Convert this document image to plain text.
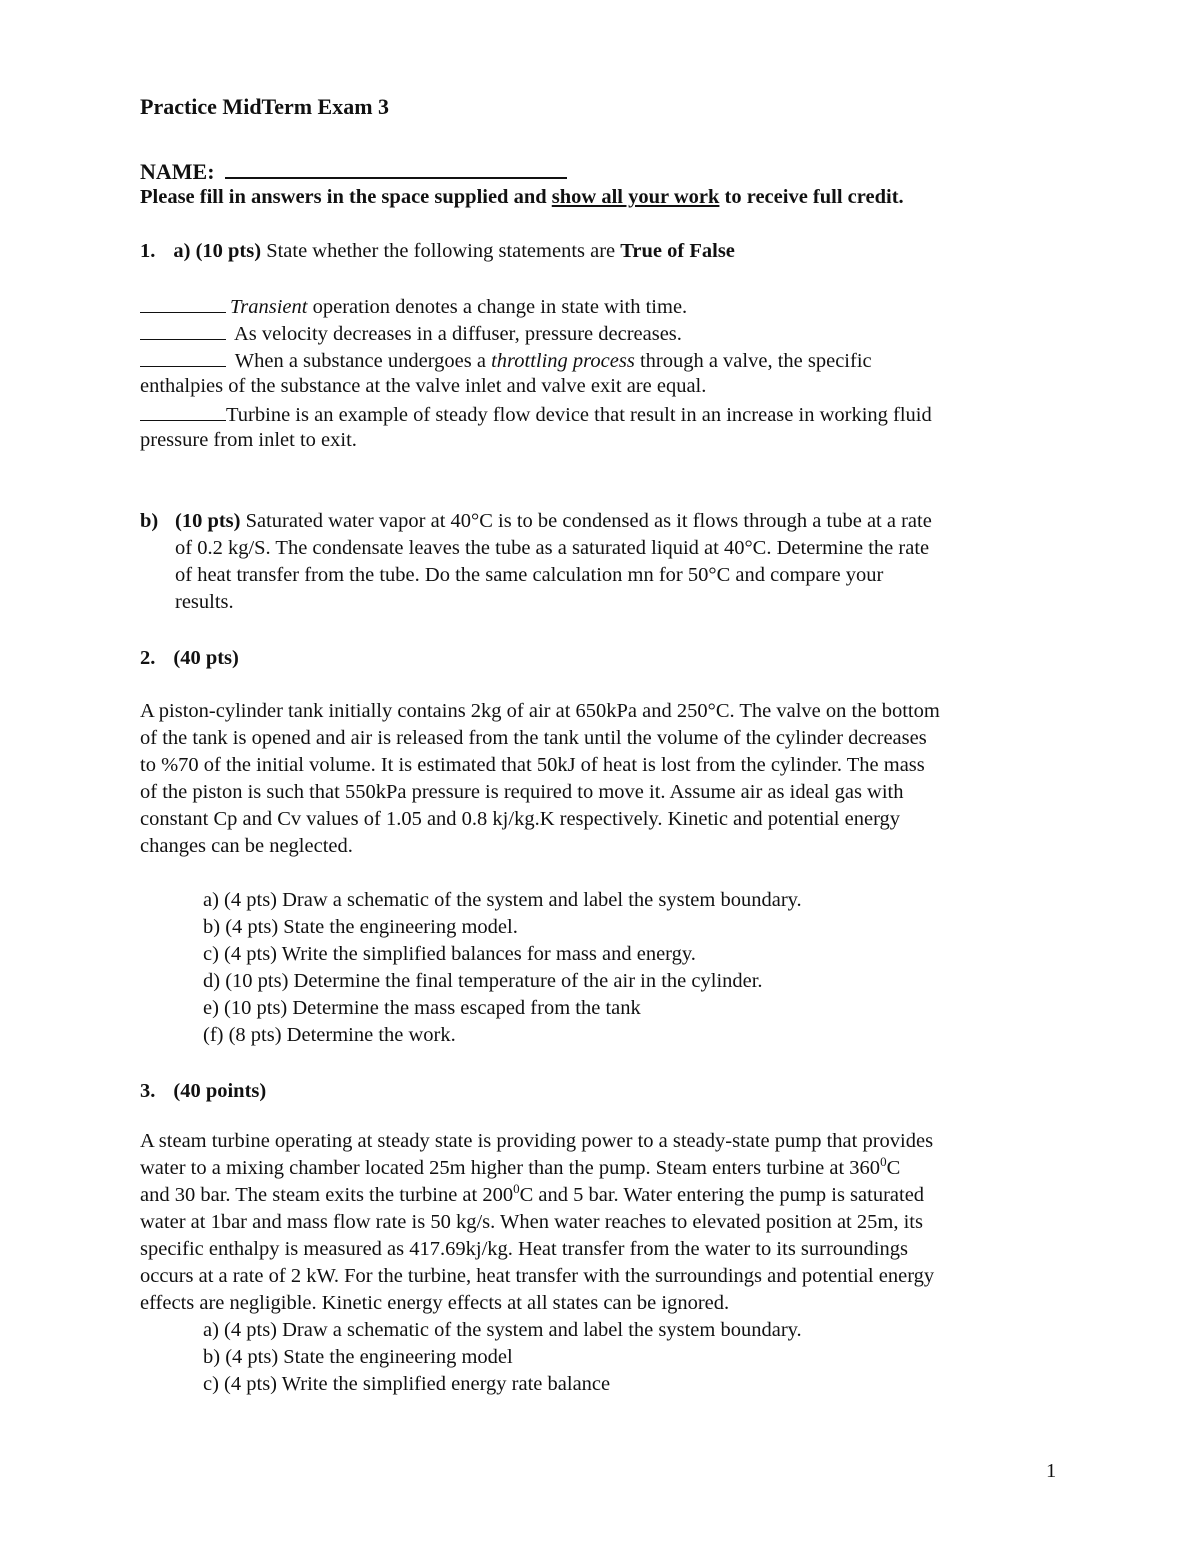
Practice MidTerm Exam 3
NAME:
Please fill in answers in the space supplied and show all your work to receive full credit.
1. a) (10 pts) State whether the following statements are True of False
Transient operation denotes a change in state with time.
As velocity decreases in a diffuser, pressure decreases.
When a substance undergoes a throttling process through a valve, the specific
enthalpies of the substance at the valve inlet and valve exit are equal.
Turbine is an example of steady flow device that result in an increase in working fluid
pressure from inlet to exit.
b) (10 pts) Saturated water vapor at 40°C is to be condensed as it flows through a tube at a rate
of 0.2 kg/S. The condensate leaves the tube as a saturated liquid at 40°C. Determine the rate
of heat transfer from the tube. Do the same calculation mn for 50°C and compare your
results.
2. (40 pts)

A piston-cylinder tank initially contains 2kg of air at 650kPa and 250°C. The valve on the bottom

of the tank is opened and air is released from the tank until the volume of the cylinder decreases

to %70 of the initial volume. It is estimated that 50kJ of heat is lost from the cylinder. The mass

of the piston is such that 550kPa pressure is required to move it. Assume air as ideal gas with

constant Cp and Cv values of 1.05 and 0.8 kj/kg.K respectively. Kinetic and potential energy

changes can be neglected.

a) (4 pts) Draw a schematic of the system and label the system boundary.

b) (4 pts) State the engineering model.

c) (4 pts) Write the simplified balances for mass and energy.

d) (10 pts) Determine the final temperature of the air in the cylinder.

e) (10 pts) Determine the mass escaped from the tank

(f) (8 pts) Determine the work.

3. (40 points)

A steam turbine operating at steady state is providing power to a steady-state pump that provides

water to a mixing chamber located 25m higher than the pump. Steam enters turbine at $360^0C$

and 30 bar. The steam exits the turbine at $200^0C$ and 5 bar. Water entering the pump is saturated

water at 1bar and mass flow rate is 50 kg/s. When water reaches to elevated position at 25m, its

specific enthalpy is measured as 417.69kj/kg. Heat transfer from the water to its surroundings

occurs at a rate of 2 kW. For the turbine, heat transfer with the surroundings and potential energy

effects are negligible. Kinetic energy effects at all states can be ignored.

a) (4 pts) Draw a schematic of the system and label the system boundary.

b) (4 pts) State the engineering model

c) (4 pts) Write the simplified energy rate balance

1
